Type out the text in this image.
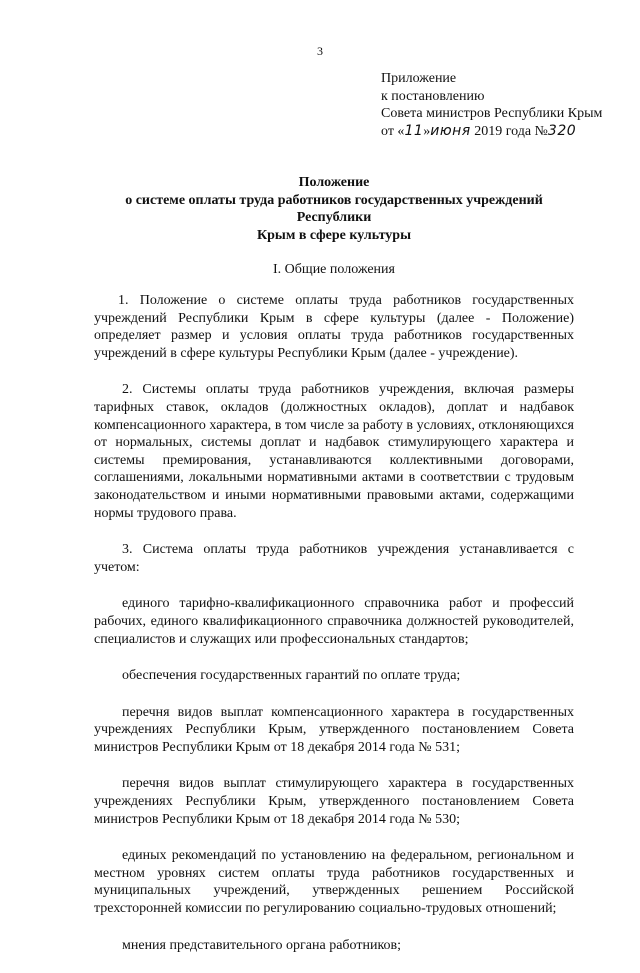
3
Приложение
к постановлению
Совета министров Республики Крым
от «11»июня 2019 года №320
Положение
о системе оплаты труда работников государственных учреждений Республики
Крым в сфере культуры
I. Общие положения

1. Положение о системе оплаты труда работников государственных учреждений Республики Крым в сфере культуры (далее - Положение) определяет размер и условия оплаты труда работников государственных учреждений в сфере культуры Республики Крым (далее - учреждение).

2. Системы оплаты труда работников учреждения, включая размеры тарифных ставок, окладов (должностных окладов), доплат и надбавок компенсационного характера, в том числе за работу в условиях, отклоняющихся от нормальных, системы доплат и надбавок стимулирующего характера и системы премирования, устанавливаются коллективными договорами, соглашениями, локальными нормативными актами в соответствии с трудовым законодательством и иными нормативными правовыми актами, содержащими нормы трудового права.

3. Система оплаты труда работников учреждения устанавливается с учетом:

единого тарифно-квалификационного справочника работ и профессий рабочих, единого квалификационного справочника должностей руководителей, специалистов и служащих или профессиональных стандартов;

обеспечения государственных гарантий по оплате труда;

перечня видов выплат компенсационного характера в государственных учреждениях Республики Крым, утвержденного постановлением Совета министров Республики Крым от 18 декабря 2014 года № 531;

перечня видов выплат стимулирующего характера в государственных учреждениях Республики Крым, утвержденного постановлением Совета министров Республики Крым от 18 декабря 2014 года № 530;

единых рекомендаций по установлению на федеральном, региональном и местном уровнях систем оплаты труда работников государственных и муниципальных учреждений, утвержденных решением Российской трехсторонней комиссии по регулированию социально-трудовых отношений;

мнения представительного органа работников;
